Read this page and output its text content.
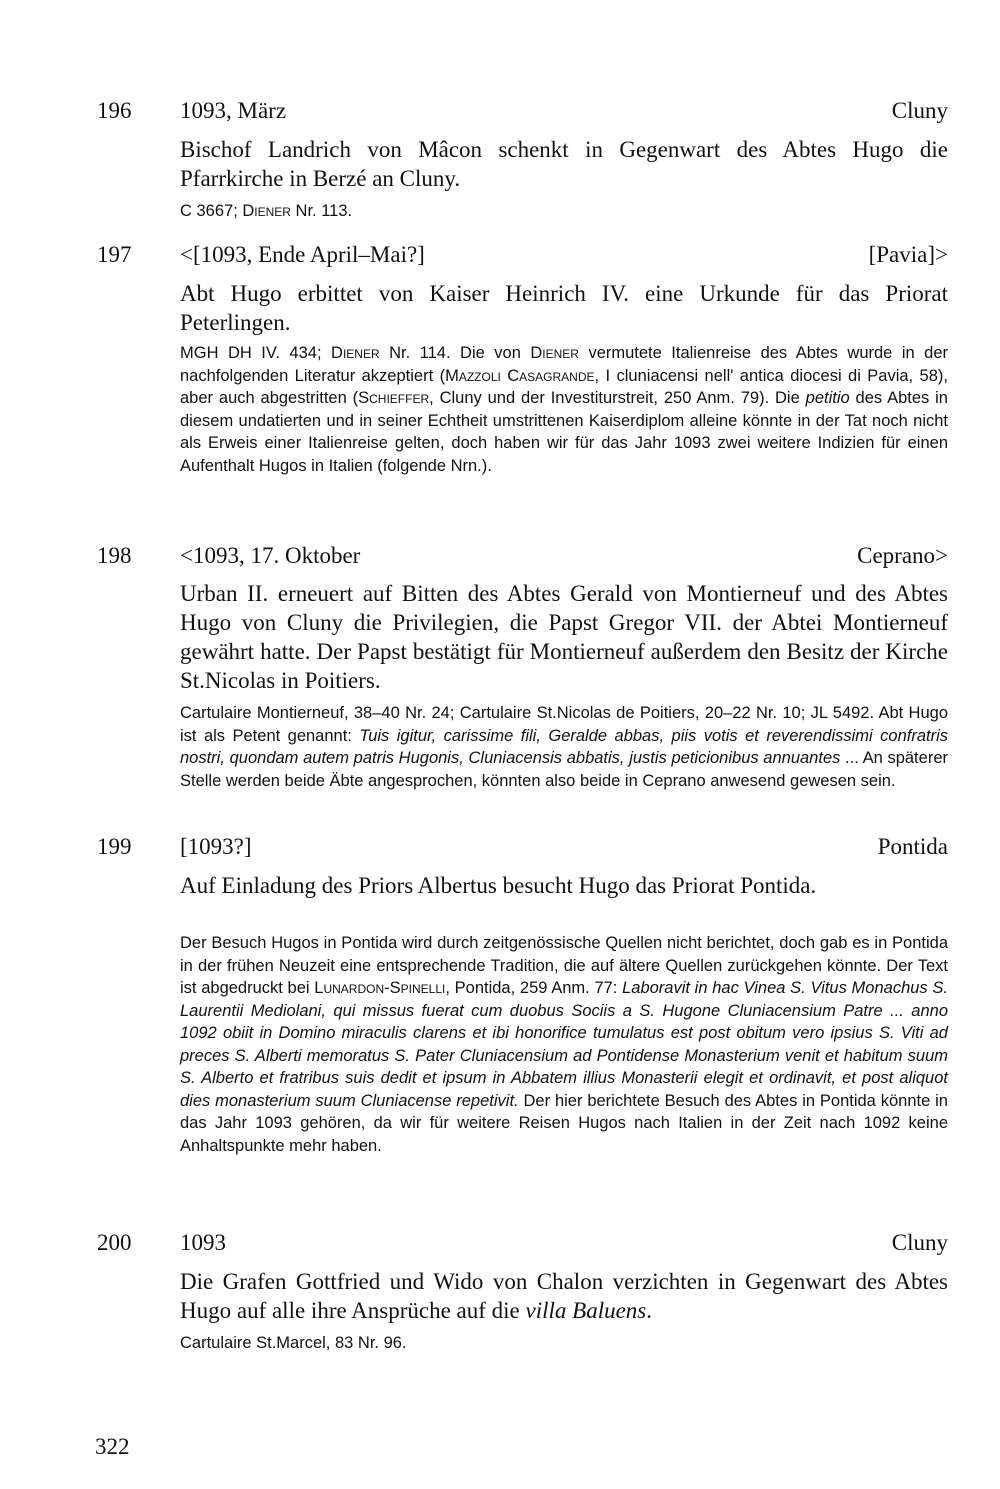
196 1093, März	Cluny
Bischof Landrich von Mâcon schenkt in Gegenwart des Abtes Hugo die Pfarrkirche in Berzé an Cluny.
C 3667; Diener Nr. 113.
197 <[1093, Ende April–Mai?]	[Pavia]>
Abt Hugo erbittet von Kaiser Heinrich IV. eine Urkunde für das Priorat Peterlingen.
MGH DH IV. 434; Diener Nr. 114. Die von Diener vermutete Italienreise des Abtes wurde in der nachfolgenden Literatur akzeptiert (Mazzoli Casagrande, I cluniacensi nell' antica diocesi di Pavia, 58), aber auch abgestritten (Schieffer, Cluny und der Investiturstreit, 250 Anm. 79). Die petitio des Abtes in diesem undatierten und in seiner Echtheit umstrittenen Kaiserdiplom alleine könnte in der Tat noch nicht als Erweis einer Italienreise gelten, doch haben wir für das Jahr 1093 zwei weitere Indizien für einen Aufenthalt Hugos in Italien (folgende Nrn.).
198 <1093, 17. Oktober	Ceprano>
Urban II. erneuert auf Bitten des Abtes Gerald von Montierneuf und des Abtes Hugo von Cluny die Privilegien, die Papst Gregor VII. der Abtei Montierneuf gewährt hatte. Der Papst bestätigt für Montierneuf außerdem den Besitz der Kirche St.Nicolas in Poitiers.
Cartulaire Montierneuf, 38–40 Nr. 24; Cartulaire St.Nicolas de Poitiers, 20–22 Nr. 10; JL 5492. Abt Hugo ist als Petent genannt: Tuis igitur, carissime fili, Geralde abbas, piis votis et reverendissimi confratris nostri, quondam autem patris Hugonis, Cluniacensis abbatis, justis peticionibus annuantes ... An späterer Stelle werden beide Äbte angesprochen, könnten also beide in Ceprano anwesend gewesen sein.
199 [1093?]	Pontida
Auf Einladung des Priors Albertus besucht Hugo das Priorat Pontida.
Der Besuch Hugos in Pontida wird durch zeitgenössische Quellen nicht berichtet, doch gab es in Pontida in der frühen Neuzeit eine entsprechende Tradition, die auf ältere Quellen zurückgehen könnte. Der Text ist abgedruckt bei Lunardon-Spinelli, Pontida, 259 Anm. 77: Laboravit in hac Vinea S. Vitus Monachus S. Laurentii Mediolani, qui missus fuerat cum duobus Sociis a S. Hugone Cluniacensium Patre ... anno 1092 obiit in Domino miraculis clarens et ibi honorifice tumulatus est post obitum vero ipsius S. Viti ad preces S. Alberti memoratus S. Pater Cluniacensium ad Pontidense Monasterium venit et habitum suum S. Alberto et fratribus suis dedit et ipsum in Abbatem illius Monasterii elegit et ordinavit, et post aliquot dies monasterium suum Cluniacense repetivit. Der hier berichtete Besuch des Abtes in Pontida könnte in das Jahr 1093 gehören, da wir für weitere Reisen Hugos nach Italien in der Zeit nach 1092 keine Anhaltspunkte mehr haben.
200 1093	Cluny
Die Grafen Gottfried und Wido von Chalon verzichten in Gegenwart des Abtes Hugo auf alle ihre Ansprüche auf die villa Baluens.
Cartulaire St.Marcel, 83 Nr. 96.
322
